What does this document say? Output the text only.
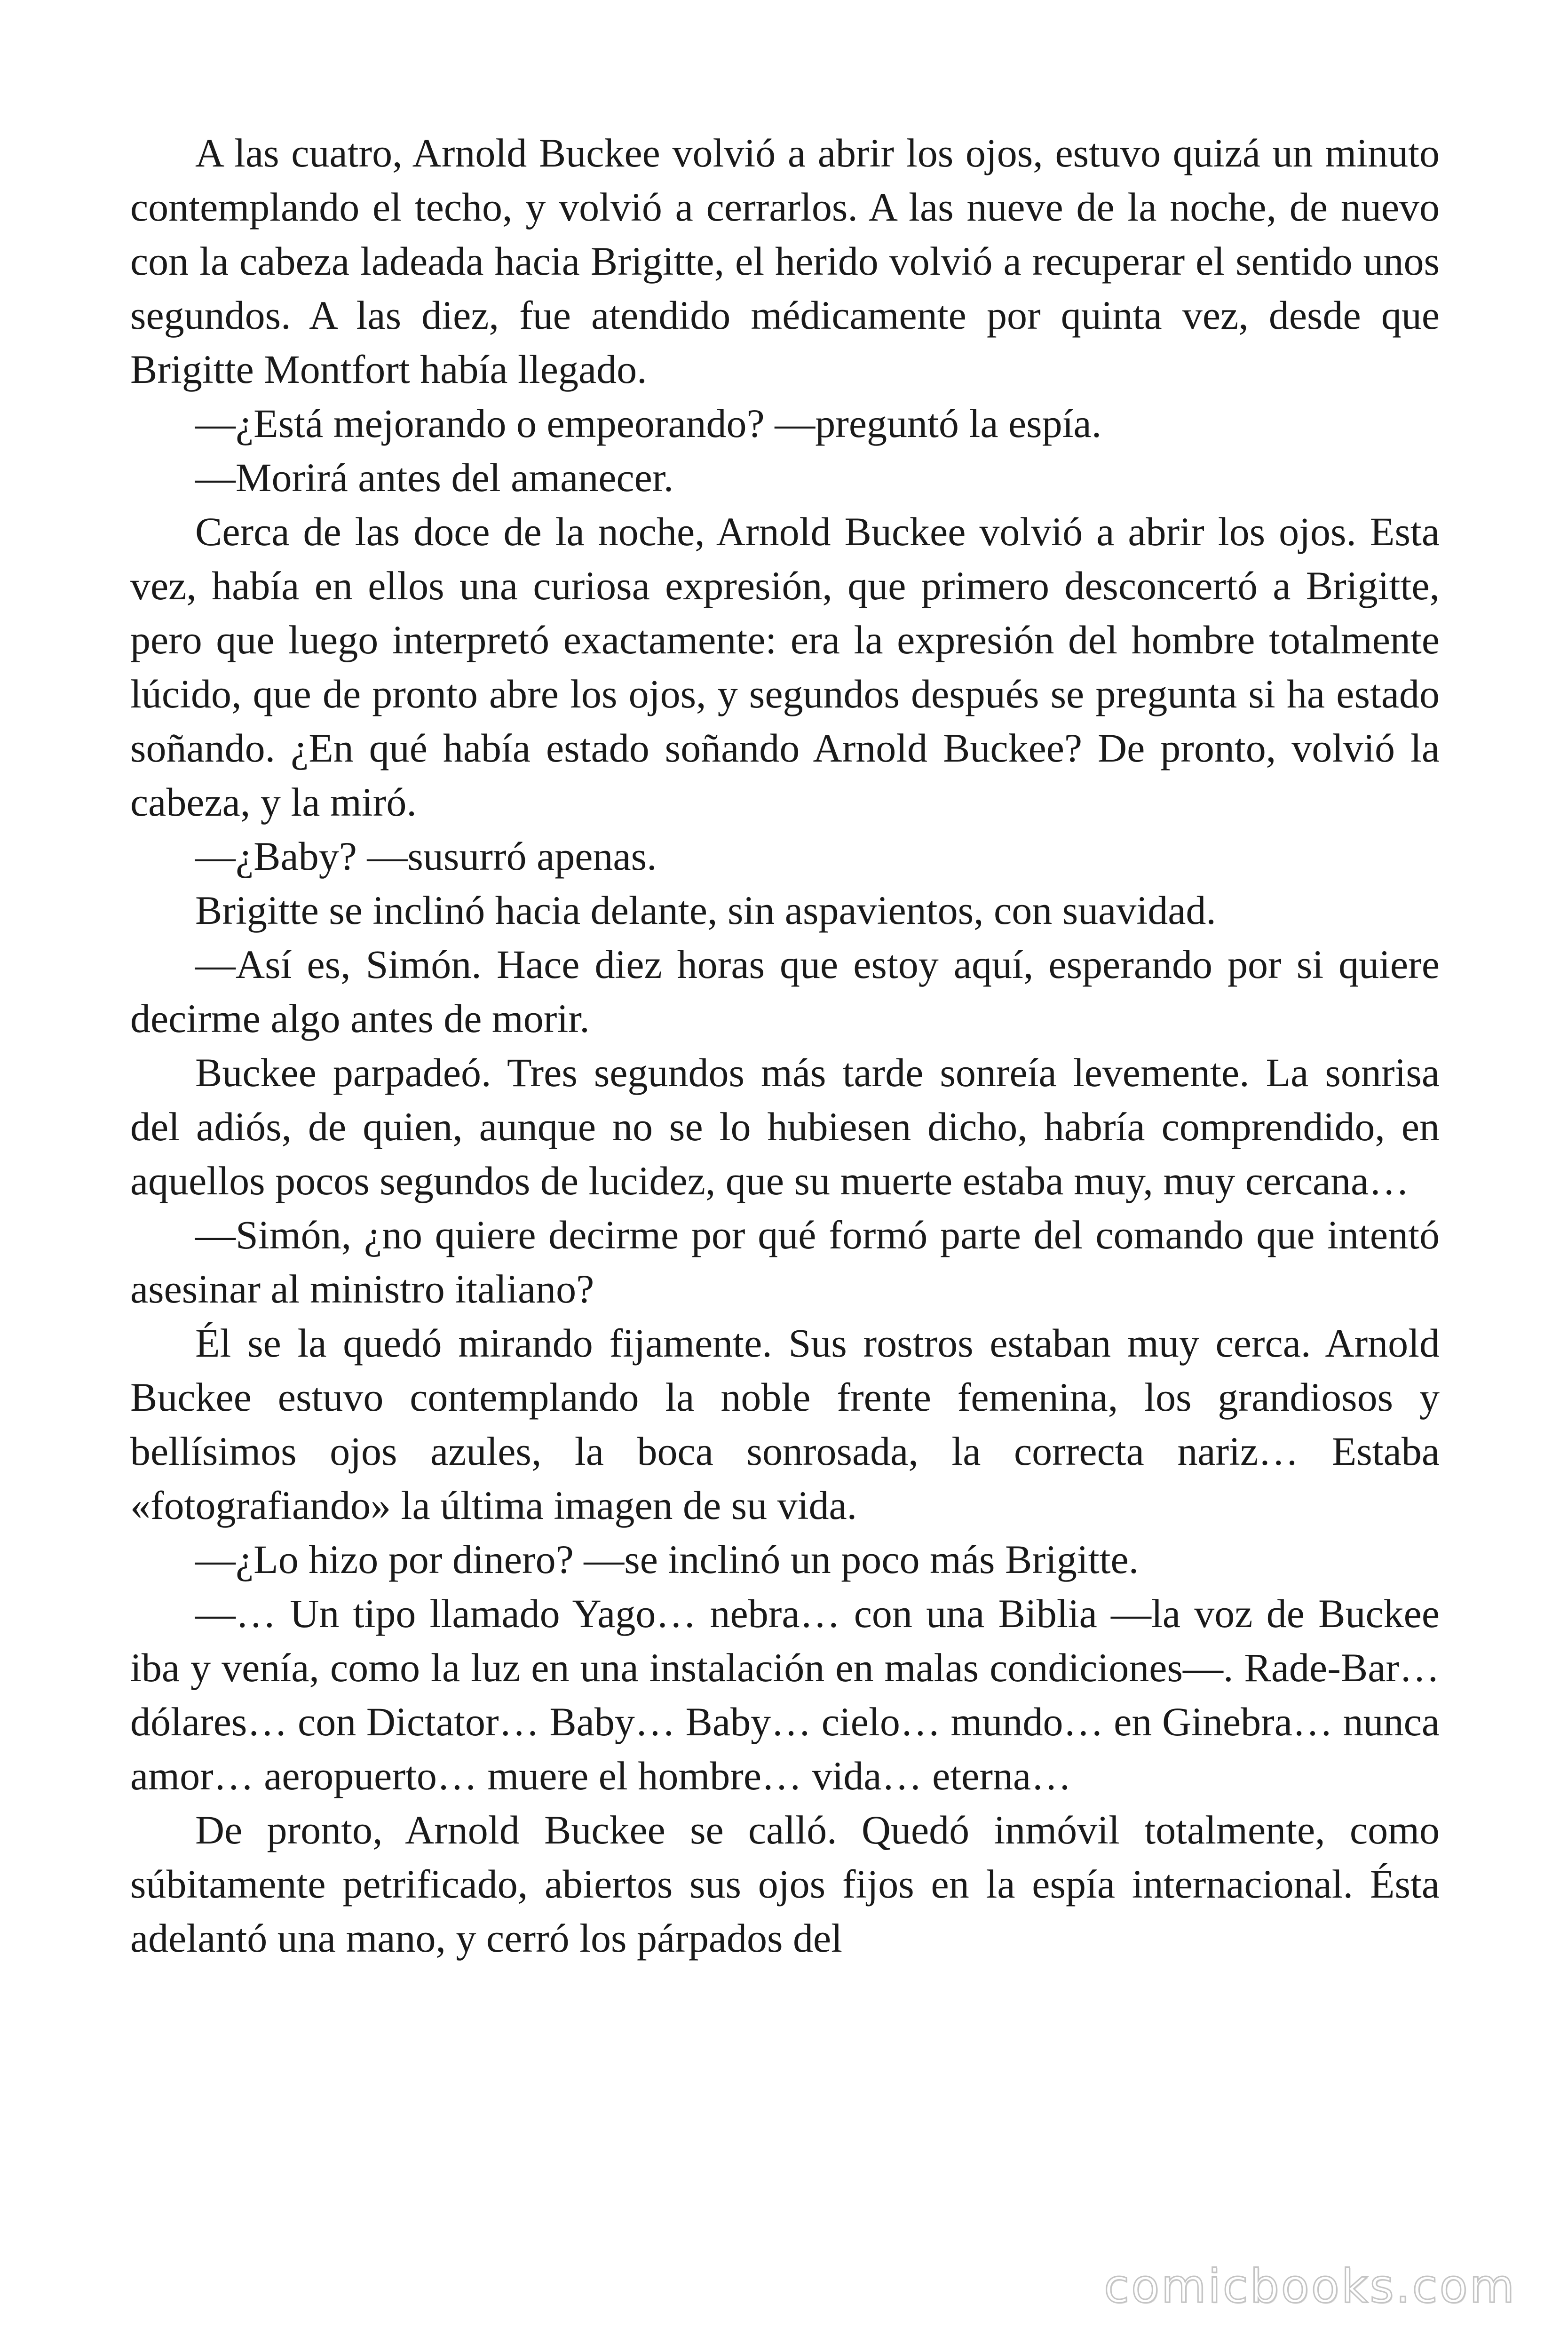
A las cuatro, Arnold Buckee volvió a abrir los ojos, estuvo quizá un minuto contemplando el techo, y volvió a cerrarlos. A las nueve de la noche, de nuevo con la cabeza ladeada hacia Brigitte, el herido volvió a recuperar el sentido unos segundos. A las diez, fue atendido médicamente por quinta vez, desde que Brigitte Montfort había llegado.

—¿Está mejorando o empeorando? —preguntó la espía.

—Morirá antes del amanecer.

Cerca de las doce de la noche, Arnold Buckee volvió a abrir los ojos. Esta vez, había en ellos una curiosa expresión, que primero desconcertó a Brigitte, pero que luego interpretó exactamente: era la expresión del hombre totalmente lúcido, que de pronto abre los ojos, y segundos después se pregunta si ha estado soñando. ¿En qué había estado soñando Arnold Buckee? De pronto, volvió la cabeza, y la miró.

—¿Baby? —susurró apenas.

Brigitte se inclinó hacia delante, sin aspavientos, con suavidad.

—Así es, Simón. Hace diez horas que estoy aquí, esperando por si quiere decirme algo antes de morir.

Buckee parpadeó. Tres segundos más tarde sonreía levemente. La sonrisa del adiós, de quien, aunque no se lo hubiesen dicho, habría comprendido, en aquellos pocos segundos de lucidez, que su muerte estaba muy, muy cercana…

—Simón, ¿no quiere decirme por qué formó parte del comando que intentó asesinar al ministro italiano?

Él se la quedó mirando fijamente. Sus rostros estaban muy cerca. Arnold Buckee estuvo contemplando la noble frente femenina, los grandiosos y bellísimos ojos azules, la boca sonrosada, la correcta nariz… Estaba «fotografiando» la última imagen de su vida.

—¿Lo hizo por dinero? —se inclinó un poco más Brigitte.

—… Un tipo llamado Yago… nebra… con una Biblia —la voz de Buckee iba y venía, como la luz en una instalación en malas condiciones—. Rade-Bar… dólares… con Dictator… Baby… Baby… cielo… mundo… en Ginebra… nunca amor… aeropuerto… muere el hombre… vida… eterna…

De pronto, Arnold Buckee se calló. Quedó inmóvil totalmente, como súbitamente petrificado, abiertos sus ojos fijos en la espía internacional. Ésta adelantó una mano, y cerró los párpados del

comicbooks.com
